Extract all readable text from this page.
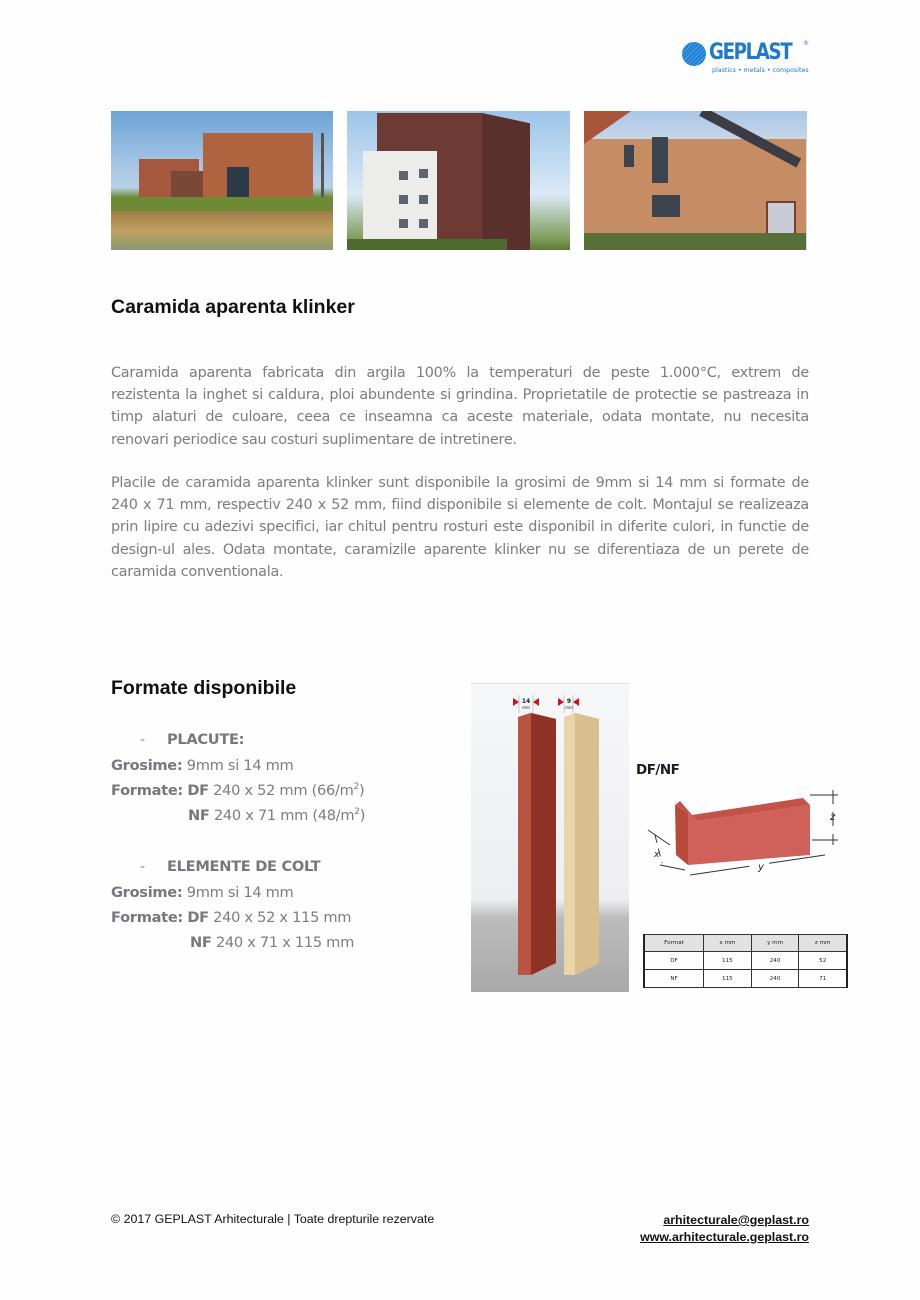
GEPLAST ®
plastics • metals • composites
Caramida aparenta klinker

Caramida aparenta fabricata din argila 100% la temperaturi de peste 1.000°C, extrem de rezistenta la inghet si caldura, ploi abundente si grindina. Proprietatile de protectie se pastreaza in timp alaturi de culoare, ceea ce inseamna ca aceste materiale, odata montate, nu necesita renovari periodice sau costuri suplimentare de intretinere.

Placile de caramida aparenta klinker sunt disponibile la grosimi de 9mm si 14 mm si formate de 240 x 71 mm, respectiv 240 x 52 mm, fiind disponibile si elemente de colt. Montajul se realizeaza prin lipire cu adezivi specifici, iar chitul pentru rosturi este disponibil in diferite culori, in functie de design-ul ales. Odata montate, caramizile aparente klinker nu se diferentiaza de un perete de caramida conventionala.

Formate disponibile
- PLACUTE:
Grosime: 9mm si 14 mm
Formate: DF 240 x 52 mm $(66/m^2)$
NF 240 x 71 mm $(48/m^2)$
- ELEMENTE DE COLT
Grosime: 9mm si 14 mm
Formate: DF 240 x 52 x 115 mm
NF 240 x 71 x 115 mm
14
mm
9
mm
DF/NF
z
y
x
Format	x mm	y mm	z mm
DF	115	240	52
NF	115	240	71
© 2017 GEPLAST Arhitecturale | Toate drepturile rezervate	arhitecturale@geplast.ro
www.arhitecturale.geplast.ro
